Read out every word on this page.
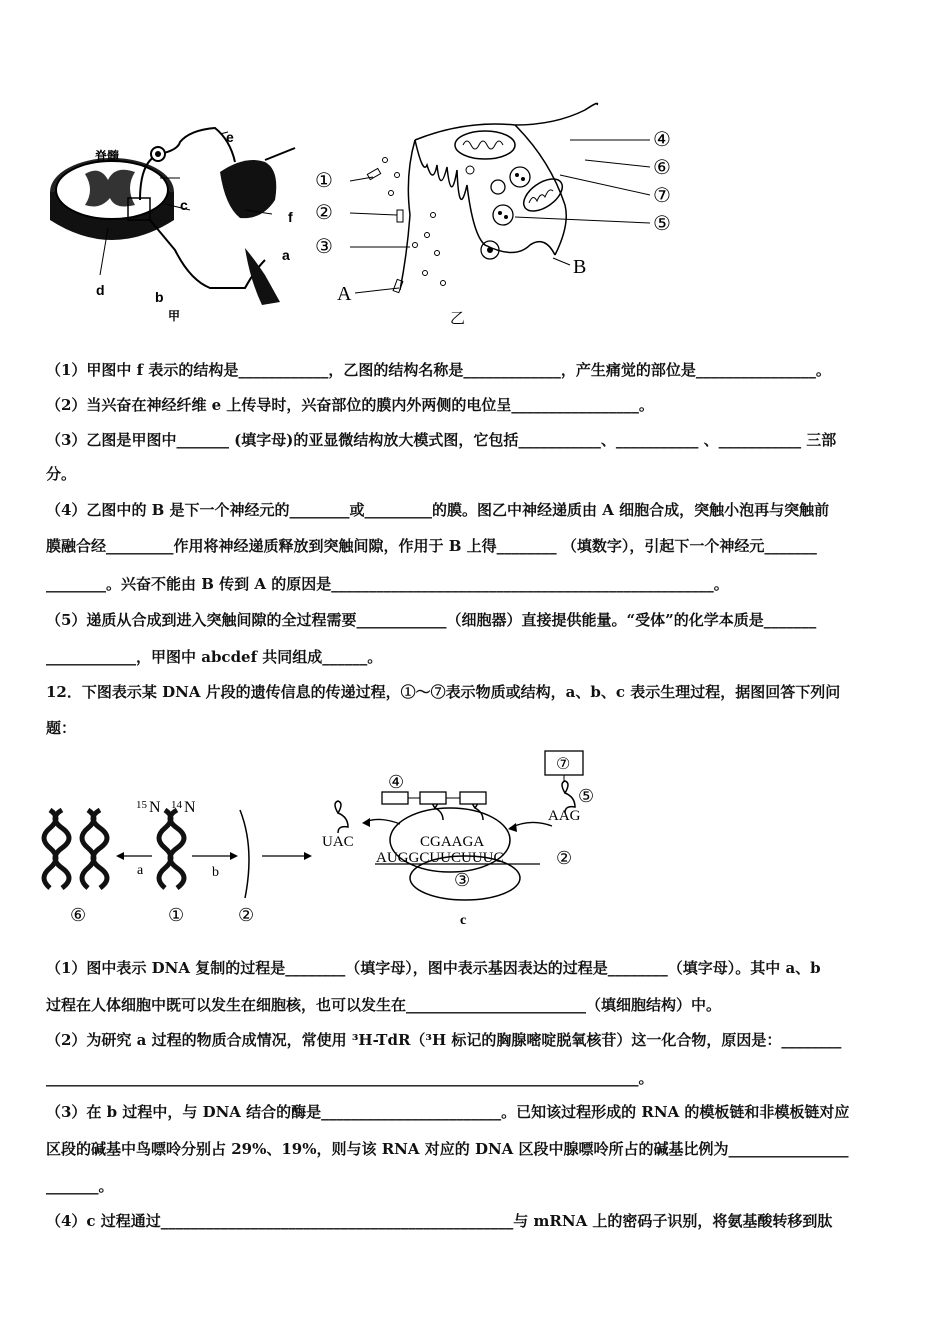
脊髓
e
c
f
a
d	b
甲
①
②
③
A
④
⑥
⑦
⑤
B
乙
（1）甲图中 f 表示的结构是____________，乙图的结构名称是_____________，产生痛觉的部位是________________。
（2）当兴奋在神经纤维 e 上传导时，兴奋部位的膜内外两侧的电位呈_________________。
（3）乙图是甲图中_______ (填字母)的亚显微结构放大模式图，它包括___________、___________ 、___________ 三部
分。
（4）乙图中的 B 是下一个神经元的________或_________的膜。图乙中神经递质由 A 细胞合成，突触小泡再与突触前
膜融合经_________作用将神经递质释放到突触间隙，作用于 B 上得________ （填数字），引起下一个神经元_______
________。兴奋不能由 B 传到 A 的原因是___________________________________________________。
（5）递质从合成到进入突触间隙的全过程需要____________（细胞器）直接提供能量。“受体”的化学本质是_______
____________，甲图中 abcdef 共同组成______。
12．下图表示某 DNA 片段的遗传信息的传递过程，①～⑦表示物质或结构，a、b、c 表示生理过程，据图回答下列问
题：
15 N 14 N
a	b
⑥	①	②
④
⑦
⑤
UAC	CGAAGA
AAG
AUGGCUUCUUUC	②
③
c
（1）图中表示 DNA 复制的过程是________（填字母），图中表示基因表达的过程是________（填字母）。其中 a、b
过程在人体细胞中既可以发生在细胞核，也可以发生在________________________（填细胞结构）中。
（2）为研究 a 过程的物质合成情况，常使用 ³H-TdR（³H 标记的胸腺嘧啶脱氧核苷）这一化合物，原因是：________
_______________________________________________________________________________。
（3）在 b 过程中，与 DNA 结合的酶是________________________。已知该过程形成的 RNA 的模板链和非模板链对应
区段的碱基中鸟嘌呤分别占 29%、19%，则与该 RNA 对应的 DNA 区段中腺嘌呤所占的碱基比例为________________
_______。
（4）c 过程通过_______________________________________________与 mRNA 上的密码子识别，将氨基酸转移到肽
